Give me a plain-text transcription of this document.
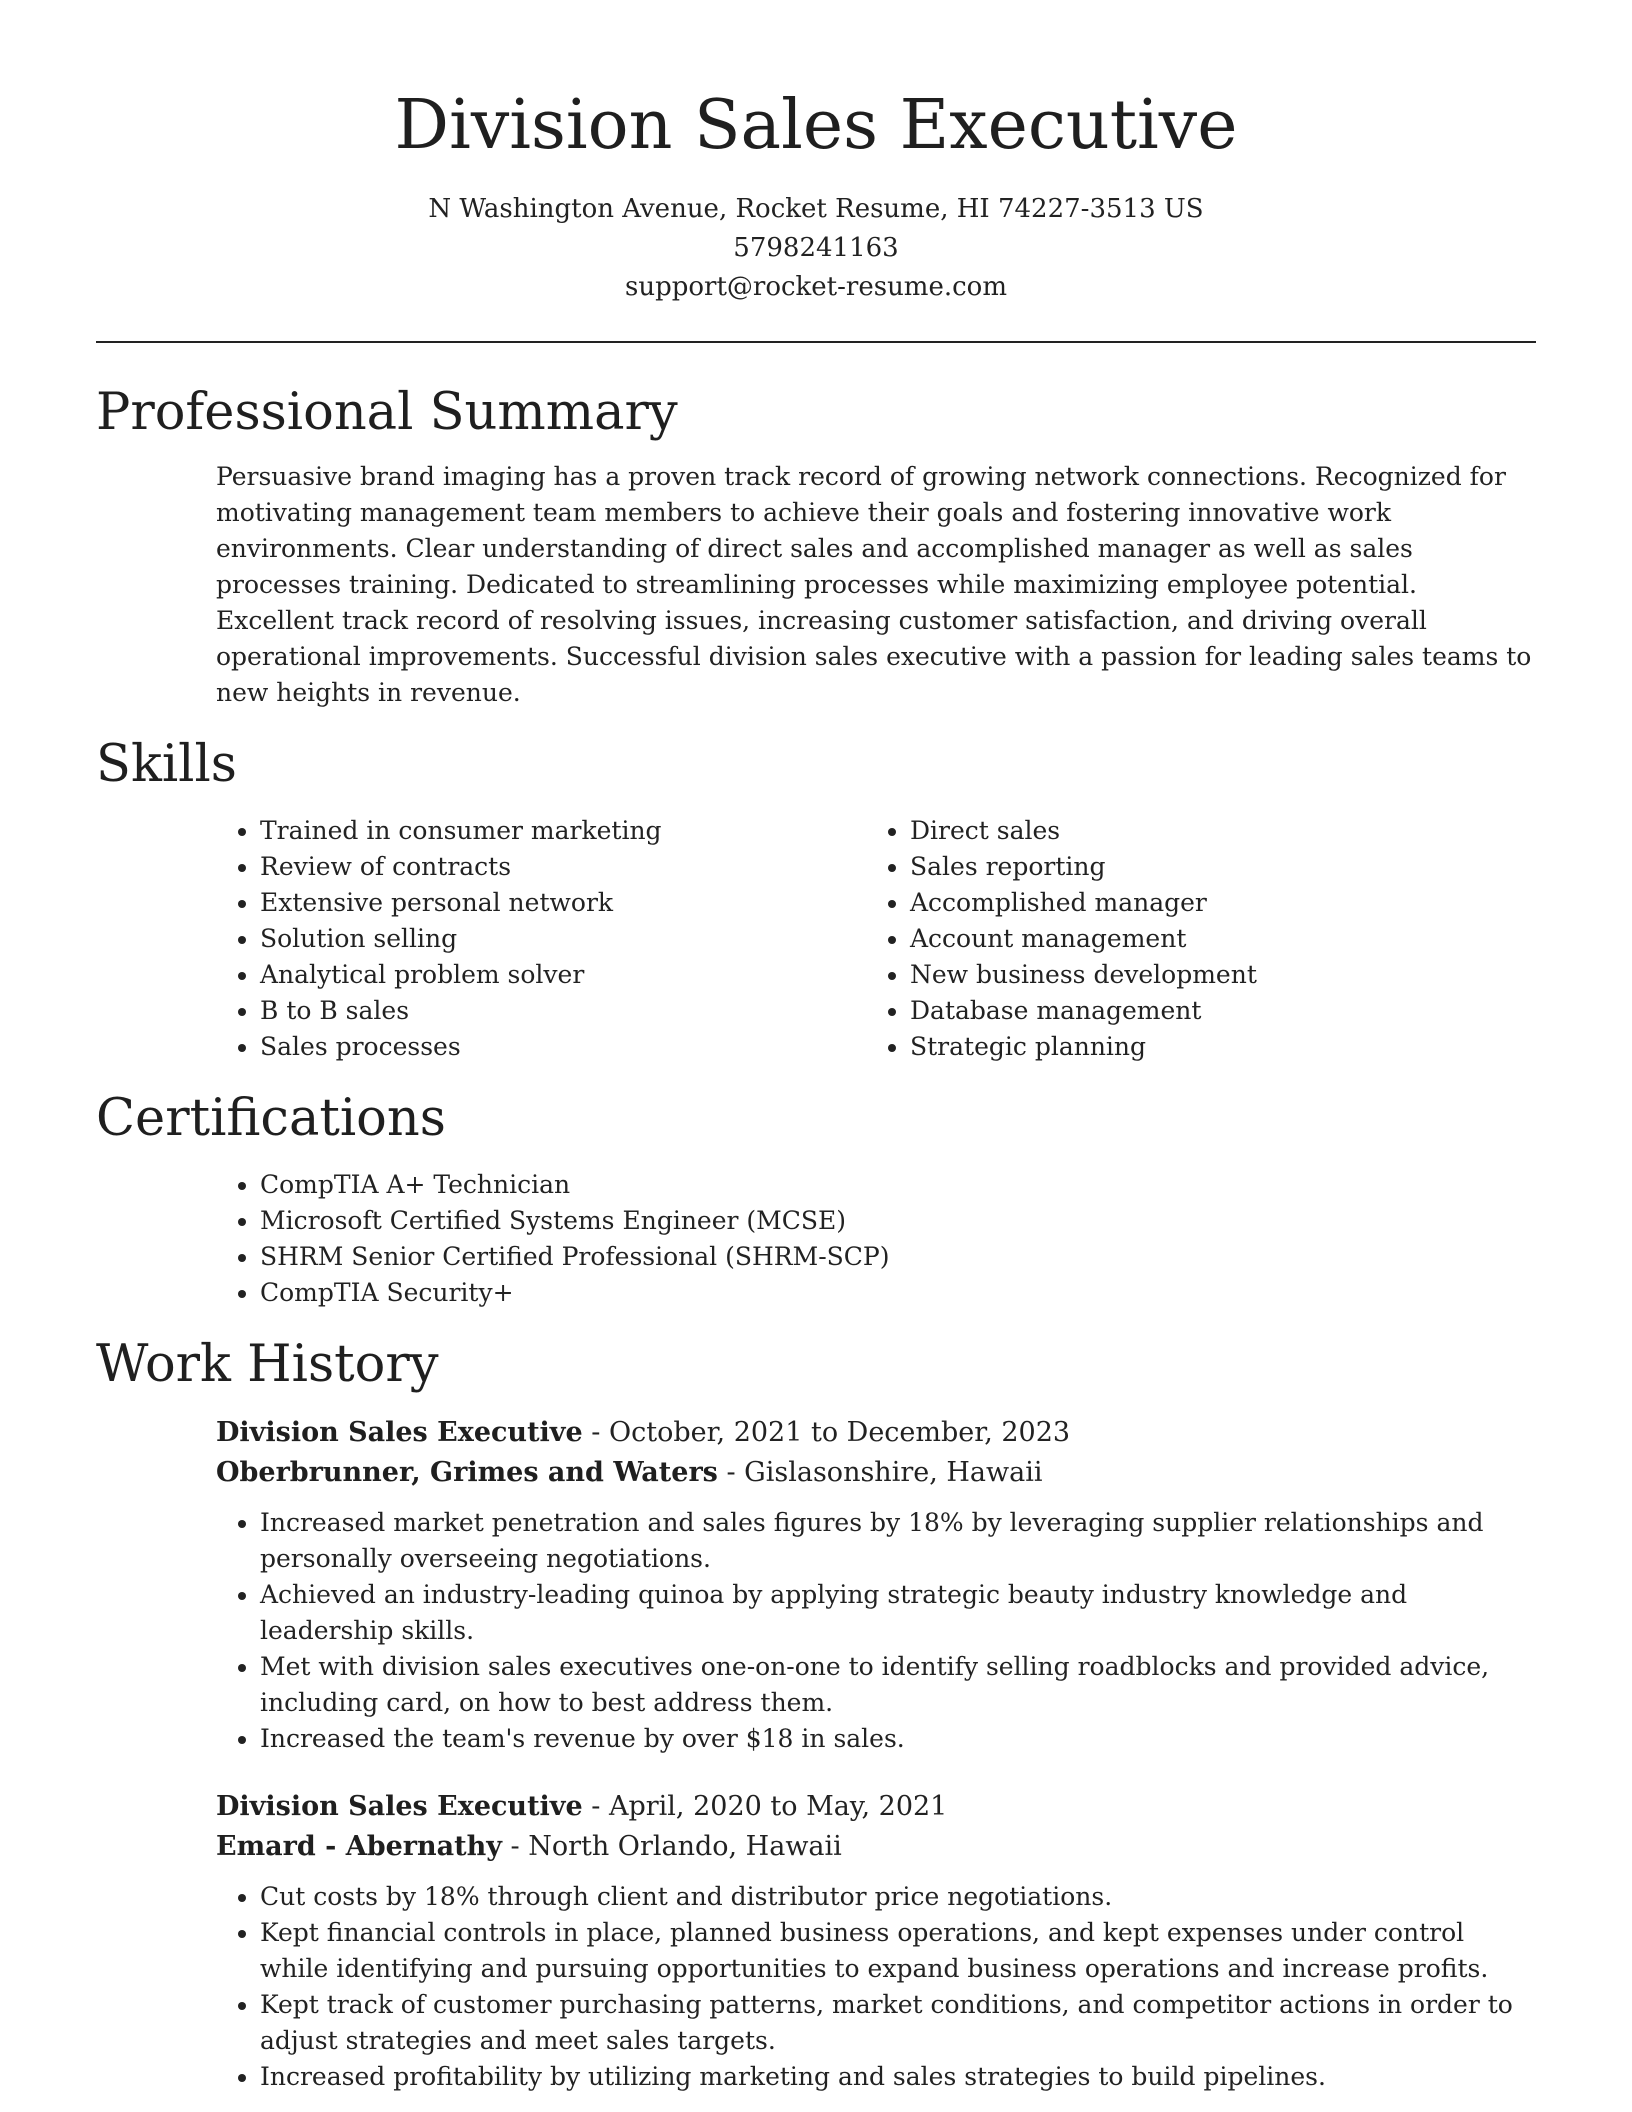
Division Sales Executive
N Washington Avenue, Rocket Resume, HI 74227-3513 US
5798241163
support@rocket-resume.com
Professional Summary
Persuasive brand imaging has a proven track record of growing network connections. Recognized for motivating management team members to achieve their goals and fostering innovative work environments. Clear understanding of direct sales and accomplished manager as well as sales processes training. Dedicated to streamlining processes while maximizing employee potential. Excellent track record of resolving issues, increasing customer satisfaction, and driving overall operational improvements. Successful division sales executive with a passion for leading sales teams to new heights in revenue.
Skills
• Trained in consumer marketing
• Review of contracts
• Extensive personal network
• Solution selling
• Analytical problem solver
• B to B sales
• Sales processes
• Direct sales
• Sales reporting
• Accomplished manager
• Account management
• New business development
• Database management
• Strategic planning
Certifications
• CompTIA A+ Technician
• Microsoft Certified Systems Engineer (MCSE)
• SHRM Senior Certified Professional (SHRM-SCP)
• CompTIA Security+
Work History
Division Sales Executive - October, 2021 to December, 2023
Oberbrunner, Grimes and Waters - Gislasonshire, Hawaii
• Increased market penetration and sales figures by 18% by leveraging supplier relationships and personally overseeing negotiations.
• Achieved an industry-leading quinoa by applying strategic beauty industry knowledge and leadership skills.
• Met with division sales executives one-on-one to identify selling roadblocks and provided advice, including card, on how to best address them.
• Increased the team's revenue by over $18 in sales.
Division Sales Executive - April, 2020 to May, 2021
Emard - Abernathy - North Orlando, Hawaii
• Cut costs by 18% through client and distributor price negotiations.
• Kept financial controls in place, planned business operations, and kept expenses under control while identifying and pursuing opportunities to expand business operations and increase profits.
• Kept track of customer purchasing patterns, market conditions, and competitor actions in order to adjust strategies and meet sales targets.
• Increased profitability by utilizing marketing and sales strategies to build pipelines.
